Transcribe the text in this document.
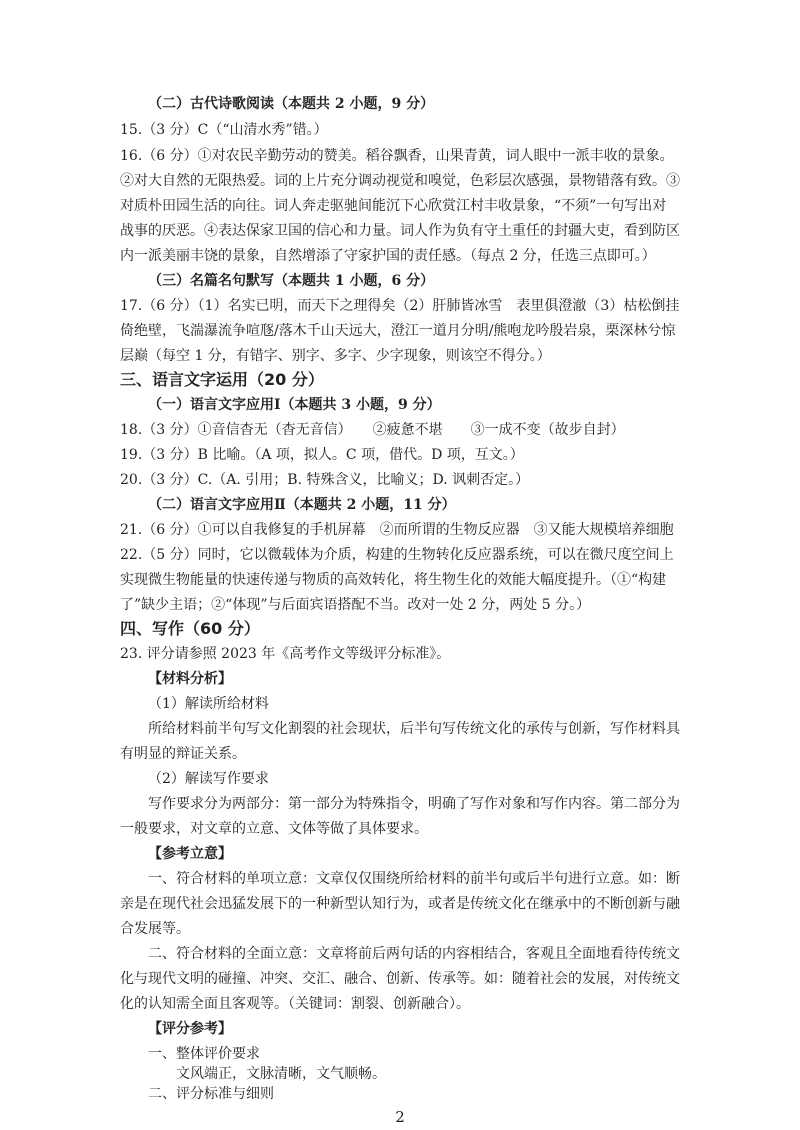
（二）古代诗歌阅读（本题共 2 小题，9 分）
15.（3 分）C（“山清水秀”错。）
16.（6 分）①对农民辛勤劳动的赞美。稻谷飘香，山果青黄，词人眼中一派丰收的景象。
②对大自然的无限热爱。词的上片充分调动视觉和嗅觉，色彩层次感强，景物错落有致。③
对质朴田园生活的向往。词人奔走驱驰间能沉下心欣赏江村丰收景象，“不须”一句写出对
战事的厌恶。④表达保家卫国的信心和力量。词人作为负有守土重任的封疆大吏，看到防区
内一派美丽丰饶的景象，自然增添了守家护国的责任感。（每点 2 分，任选三点即可。）
（三）名篇名句默写（本题共 1 小题，6 分）
17.（6 分）（1）名实已明，而天下之理得矣（2）肝肺皆冰雪　表里俱澄澈（3）枯松倒挂
倚绝壁，飞湍瀑流争喧豗/落木千山天远大，澄江一道月分明/熊咆龙吟殷岩泉，栗深林兮惊
层巅（每空 1 分，有错字、别字、多字、少字现象，则该空不得分。）
三、语言文字运用（20 分）
（一）语言文字应用Ⅰ（本题共 3 小题，9 分）
18.（3 分）①音信杳无（杳无音信）　　②疲惫不堪　　③一成不变（故步自封）
19.（3 分）B 比喻。（A 项，拟人。C 项，借代。D 项，互文。）
20.（3 分）C.（A. 引用；B. 特殊含义，比喻义；D. 讽刺否定。）
（二）语言文字应用Ⅱ（本题共 2 小题，11 分）
21.（6 分）①可以自我修复的手机屏幕　②而所谓的生物反应器　③又能大规模培养细胞
22.（5 分）同时，它以微载体为介质，构建的生物转化反应器系统，可以在微尺度空间上
实现微生物能量的快速传递与物质的高效转化，将生物生化的效能大幅度提升。（①“构建
了”缺少主语；②“体现”与后面宾语搭配不当。改对一处 2 分，两处 5 分。）
四、写作（60 分）
23. 评分请参照 2023 年《高考作文等级评分标准》。
【材料分析】
（1）解读所给材料
所给材料前半句写文化割裂的社会现状，后半句写传统文化的承传与创新，写作材料具
有明显的辩证关系。
（2）解读写作要求
写作要求分为两部分：第一部分为特殊指令，明确了写作对象和写作内容。第二部分为
一般要求，对文章的立意、文体等做了具体要求。
【参考立意】
一、符合材料的单项立意：文章仅仅围绕所给材料的前半句或后半句进行立意。如：断
亲是在现代社会迅猛发展下的一种新型认知行为，或者是传统文化在继承中的不断创新与融
合发展等。
二、符合材料的全面立意：文章将前后两句话的内容相结合，客观且全面地看待传统文
化与现代文明的碰撞、冲突、交汇、融合、创新、传承等。如：随着社会的发展，对传统文
化的认知需全面且客观等。（关键词：割裂、创新融合）。
【评分参考】
一、整体评价要求
文风端正，文脉清晰，文气顺畅。
二、评分标准与细则
2
